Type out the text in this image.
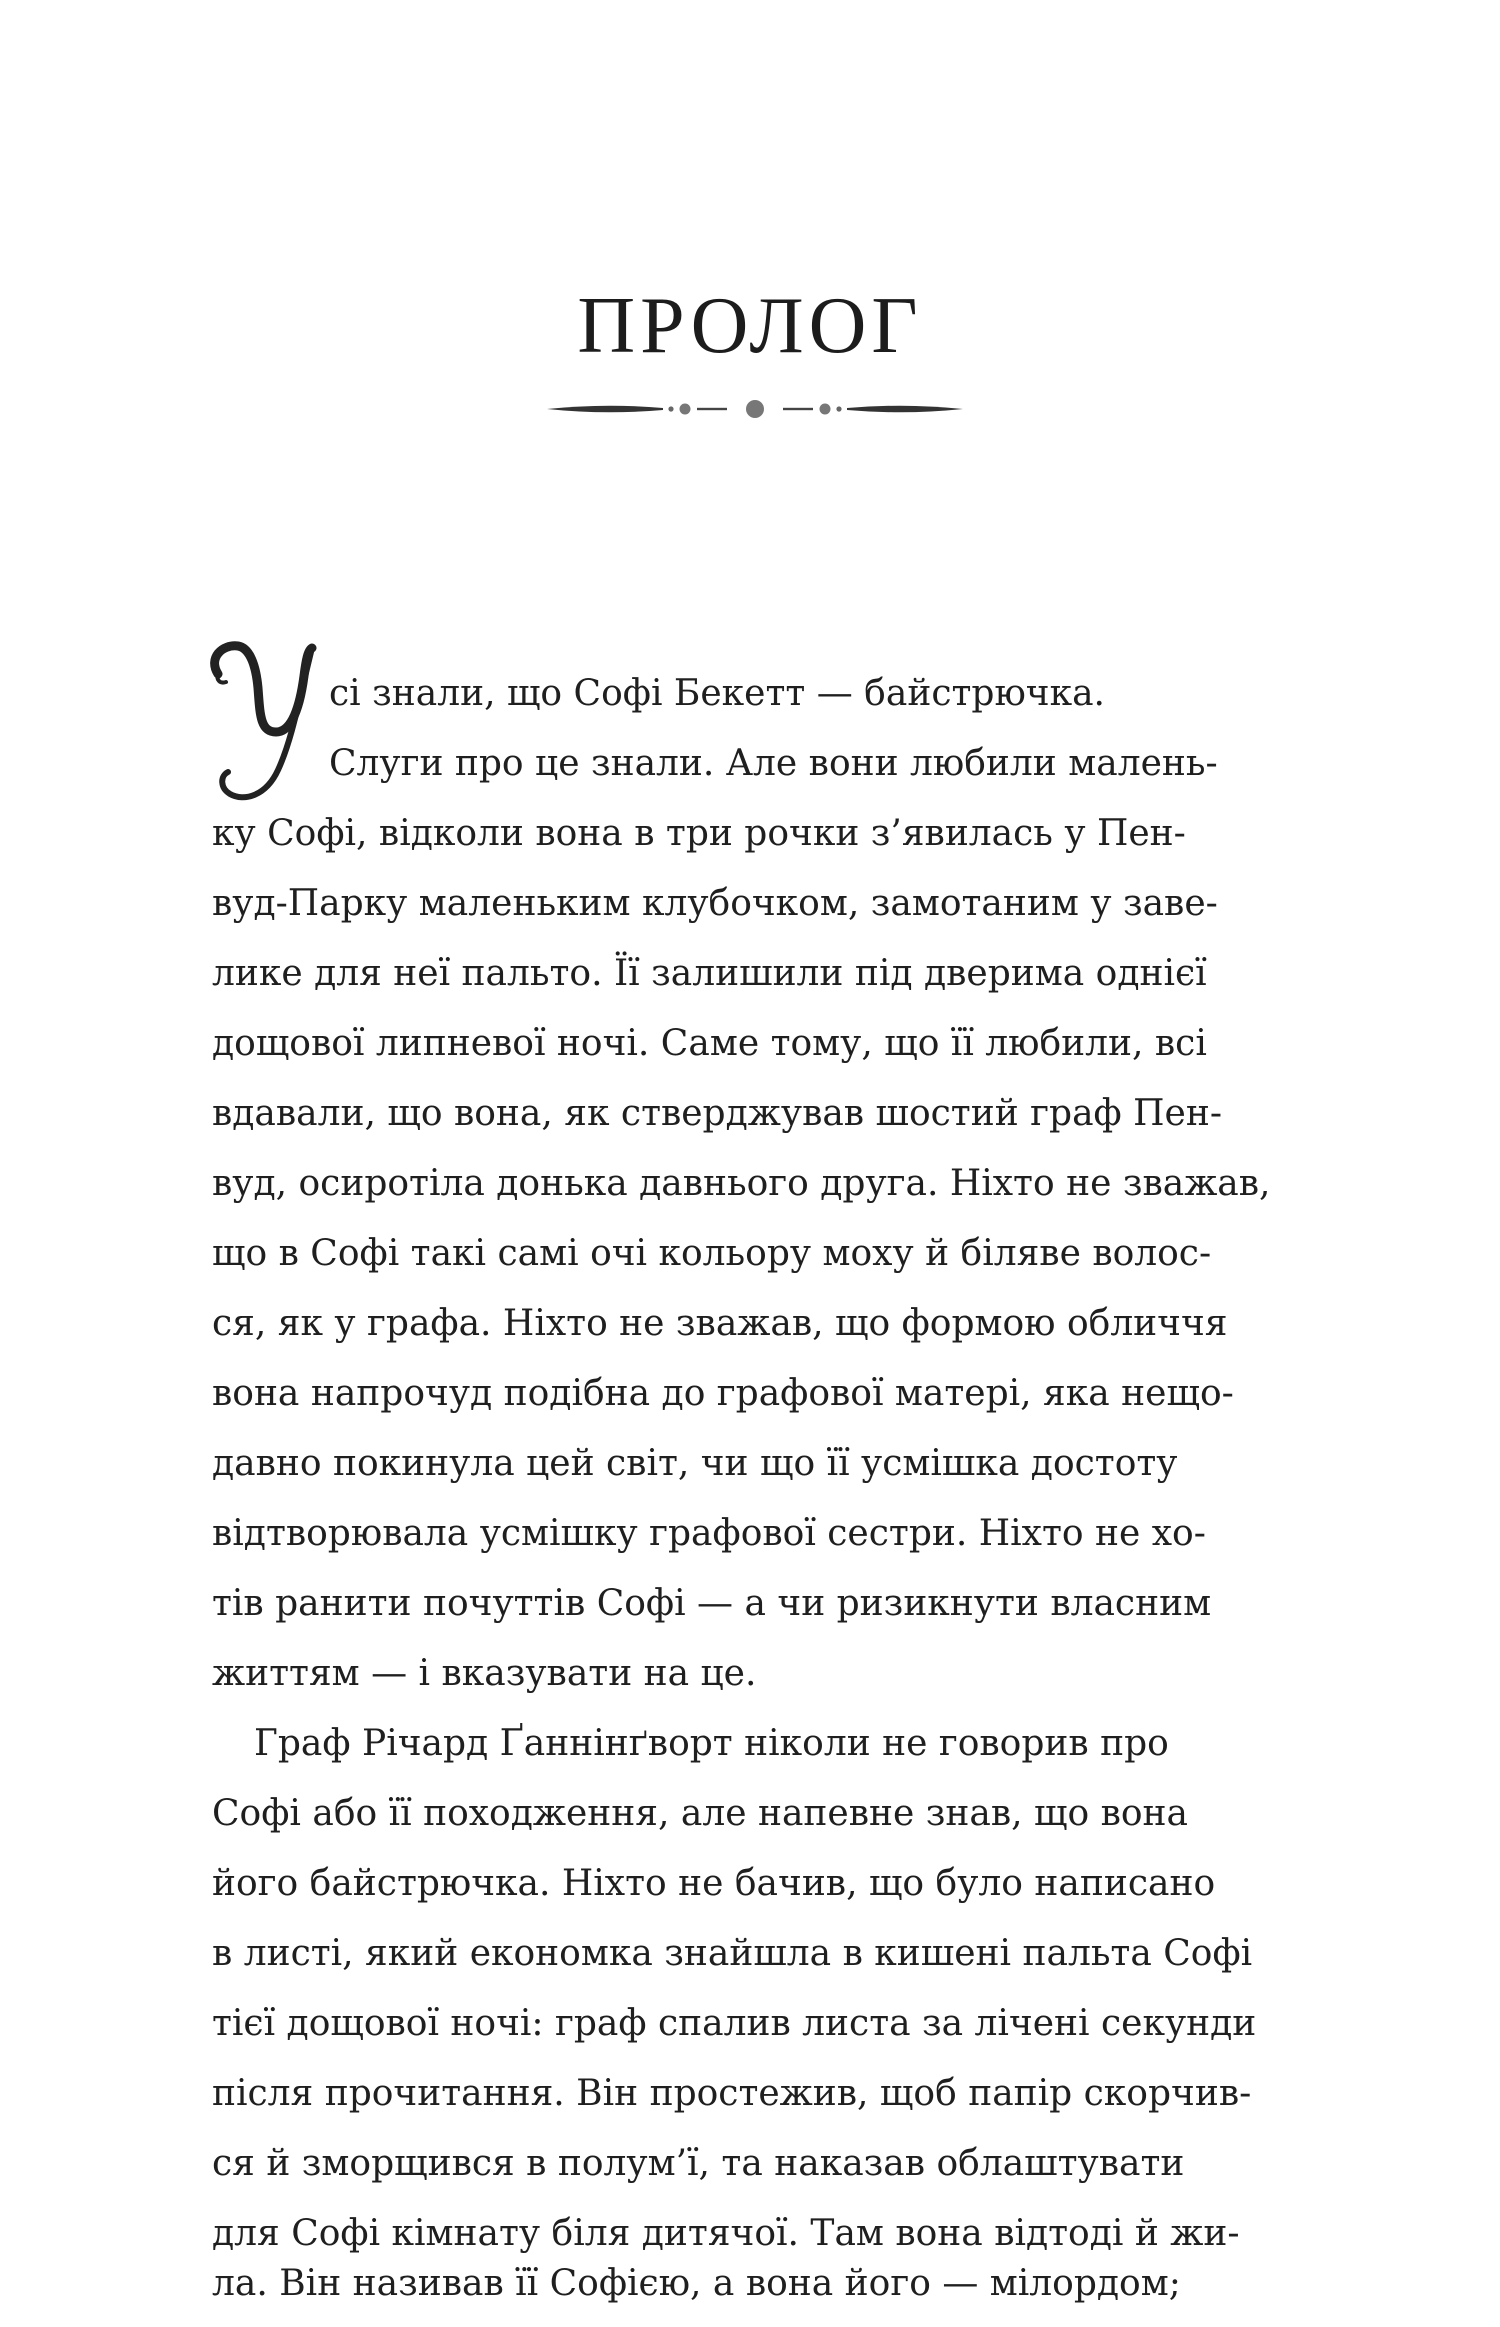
ПРОЛОГ
сі знали, що Софі Бекетт — байстрючка.
Слуги про це знали. Але вони любили малень-
ку Софі, відколи вона в три рочки з’явилась у Пен-
вуд-Парку маленьким клубочком, замотаним у заве-
лике для неї пальто. Її залишили під дверима однієї
дощової липневої ночі. Саме тому, що її любили, всі
вдавали, що вона, як стверджував шостий граф Пен-
вуд, осиротіла донька давнього друга. Ніхто не зважав,
що в Софі такі самі очі кольору моху й біляве волос-
ся, як у графа. Ніхто не зважав, що формою обличчя
вона напрочуд подібна до графової матері, яка нещо-
давно покинула цей світ, чи що її усмішка достоту
відтворювала усмішку графової сестри. Ніхто не хо-
тів ранити почуттів Софі — а чи ризикнути власним
життям — і вказувати на це.
Граф Річард Ґаннінґворт ніколи не говорив про
Софі або її походження, але напевне знав, що вона
його байстрючка. Ніхто не бачив, що було написано
в листі, який економка знайшла в кишені пальта Софі
тієї дощової ночі: граф спалив листа за лічені секунди
після прочитання. Він простежив, щоб папір скорчив-
ся й зморщився в полум’ї, та наказав облаштувати
для Софі кімнату біля дитячої. Там вона відтоді й жи-
ла. Він називав її Софією, а вона його — мілордом;
